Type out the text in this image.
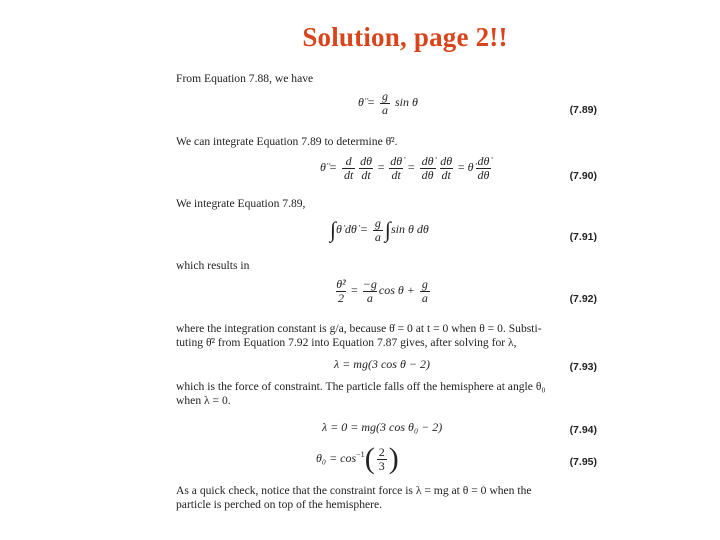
Solution, page 2!!
From Equation 7.88, we have
θ̈ = $\frac{g}{a}$ sin θ
(7.89)
We can integrate Equation 7.89 to determine θ̇².
θ̈ = $\frac{d}{dt} \frac{d\theta}{dt} = \frac{d\thetȧ}{dt} = \frac{d\thetȧ}{d\theta} \frac{d\theta}{dt}$ = θ̇ $\frac{d\thetȧ}{d\theta}$	(7.90)
We integrate Equation 7.89,
∫θ̇ dθ̇ = $\frac{g}{a} \int\sin$ θ dθ
(7.91)
which results in
$\frac{\text{θ̇²}}{2} = \frac{-g}{a}$ $\cos \theta + \frac{g}{a}$	(7.92)
where the integration constant is g/a, because θ̇ = 0 at t = 0 when θ = 0. Substi-
tuting θ̇² from Equation 7.92 into Equation 7.87 gives, after solving for λ,
λ = mg(3 cos θ − 2)	(7.93)
which is the force of constraint. The particle falls off the hemisphere at angle θ₀
when λ = 0.
λ = 0 = mg(3 cos θ₀ − 2)	(7.94)
$\theta_0 = \cos^{-1}( \frac{2}{3}$ )	(7.95)
As a quick check, notice that the constraint force is λ = mg at θ = 0 when the
particle is perched on top of the hemisphere.
